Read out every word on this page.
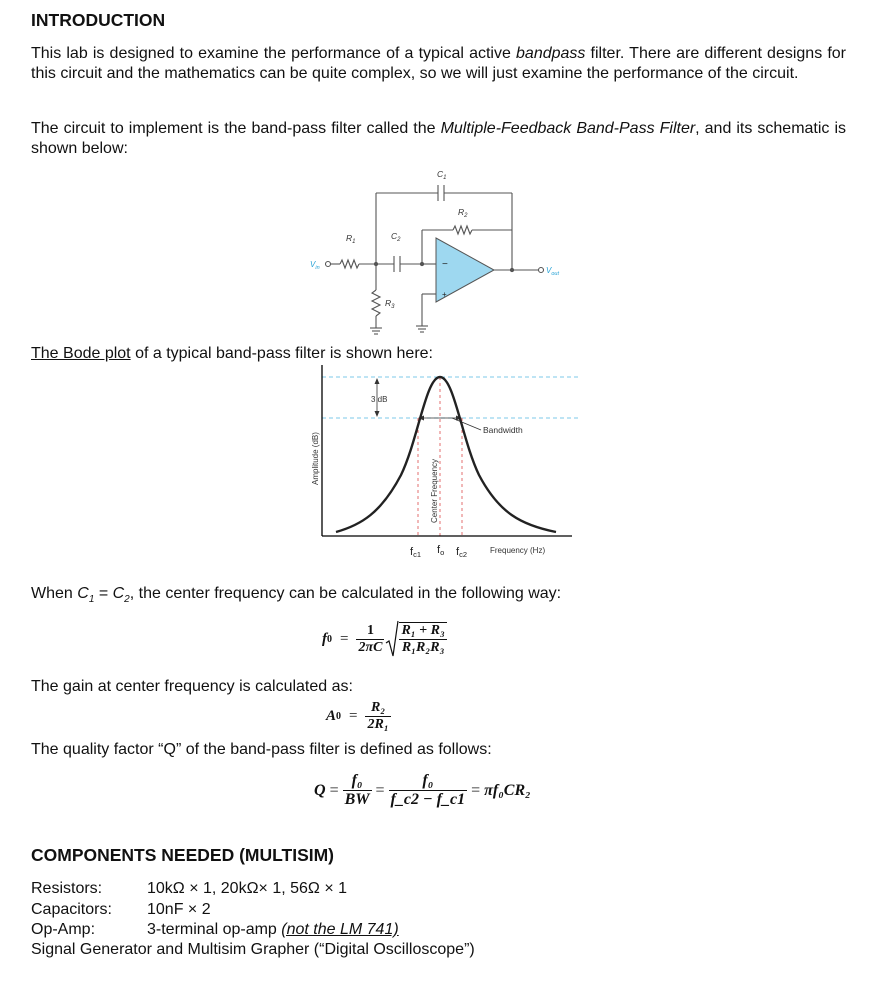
INTRODUCTION
This lab is designed to examine the performance of a typical active bandpass filter. There are different designs for this circuit and the mathematics can be quite complex, so we will just examine the performance of the circuit.
The circuit to implement is the band-pass filter called the Multiple-Feedback Band-Pass Filter, and its schematic is shown below:
−
+
$C_1$
$R_2$
$R_1$
$C_2$
$R_3$
$V_{in}$	$V_{out}$
The Bode plot of a typical band-pass filter is shown here:
3 dB
Bandwidth
Amplitude (dB)
Center Frequency
fc1 fo fc2	Frequency (Hz)
When $C_1 = C_2$, the center frequency can be calculated in the following way:
f $0 = \frac{1}{2\pi C} \frac{\text{R₁ + R₃}}{\text{R₁R₂R₃}}$
The gain at center frequency is calculated as:
A $0 = \frac{\text{R₂}}{\text{2R₁}}$
The quality factor “Q” of the band-pass filter is defined as follows:
$Q = \frac{\text{f₀}}{BW} = \frac{\text{f₀}}{f\_c2 - f\_c1} = \pi f_0CR_2$
COMPONENTS NEEDED (MULTISIM)
Resistors:	10kΩ × 1, 20kΩ× 1, 56Ω × 1
Capacitors: 10nF × 2
Op-Amp:	3-terminal op-amp (not the LM 741)
Signal Generator and Multisim Grapher (“Digital Oscilloscope”)
